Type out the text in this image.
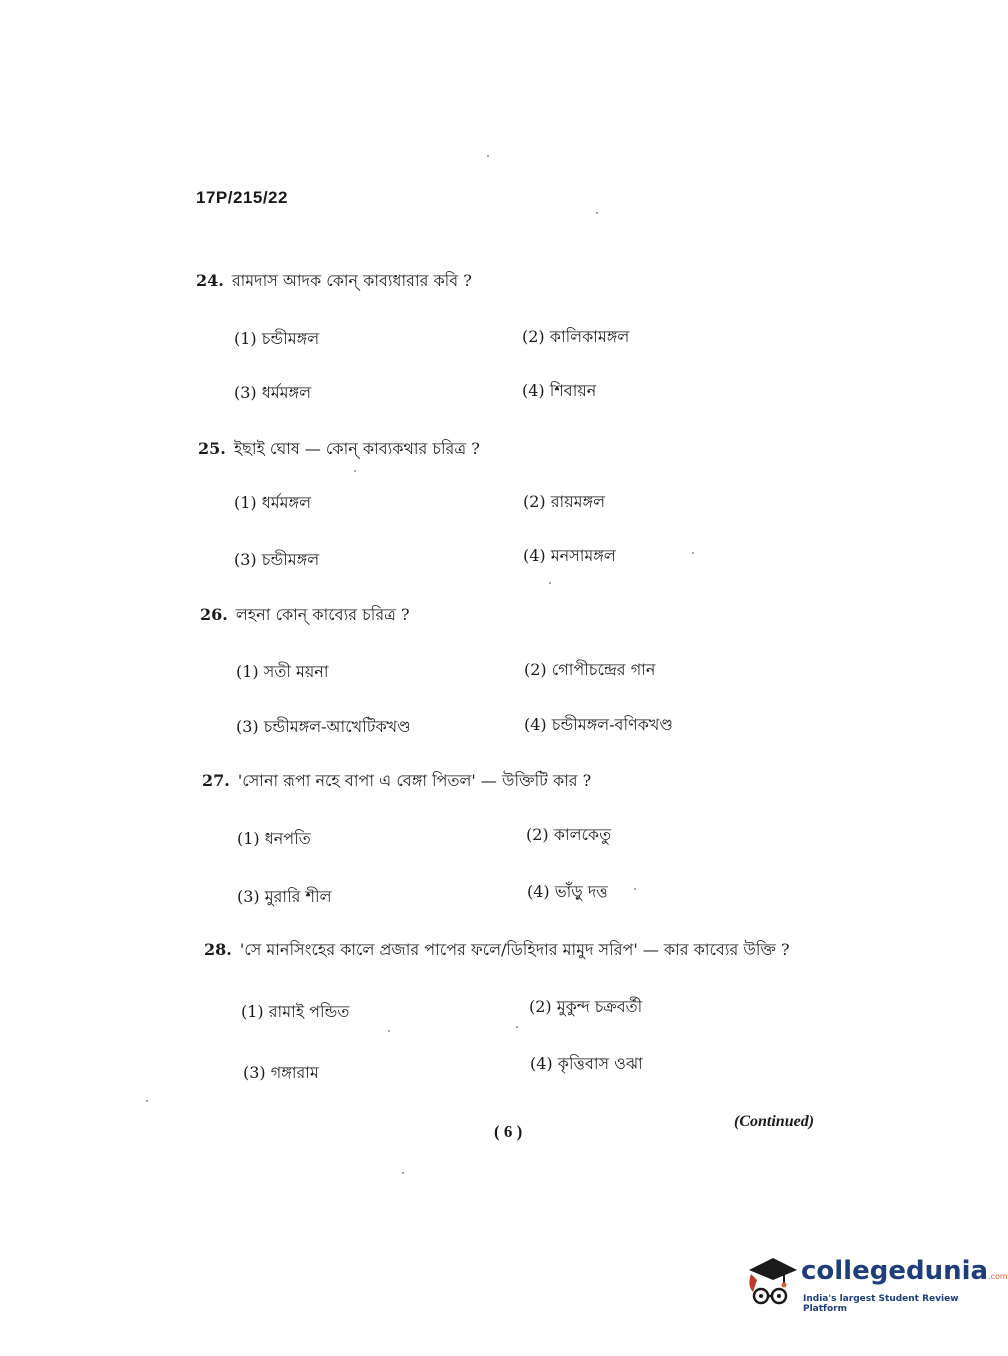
17P/215/22
24. রামদাস আদক কোন্ কাব্যধারার কবি ?
(1) চন্ডীমঙ্গল	(2) কালিকামঙ্গল
(3) ধর্মমঙ্গল	(4) শিবায়ন
25. ইছাই ঘোষ — কোন্ কাব্যকথার চরিত্র ?
(1) ধর্মমঙ্গল	(2) রায়মঙ্গল
(3) চন্ডীমঙ্গল	(4) মনসামঙ্গল
26. লহনা কোন্ কাব্যের চরিত্র ?
(1) সতী ময়না	(2) গোপীচন্দ্রের গান
(3) চন্ডীমঙ্গল-আখেটিকখণ্ড	(4) চন্ডীমঙ্গল-বণিকখণ্ড
27. 'সোনা রূপা নহে বাপা এ বেঙ্গা পিতল' — উক্তিটি কার ?
(1) ধনপতি	(2) কালকেতু
(3) মুরারি শীল	(4) ভাঁড়ু দত্ত
28. 'সে মানসিংহের কালে প্রজার পাপের ফলে/ডিহিদার মামুদ সরিপ' — কার কাব্যের উক্তি ?
(1) রামাই পন্ডিত	(2) মুকুন্দ চক্রবর্তী
(3) গঙ্গারাম	(4) কৃত্তিবাস ওঝা
( 6 )
(Continued)
collegedunia.com
India's largest Student Review Platform
